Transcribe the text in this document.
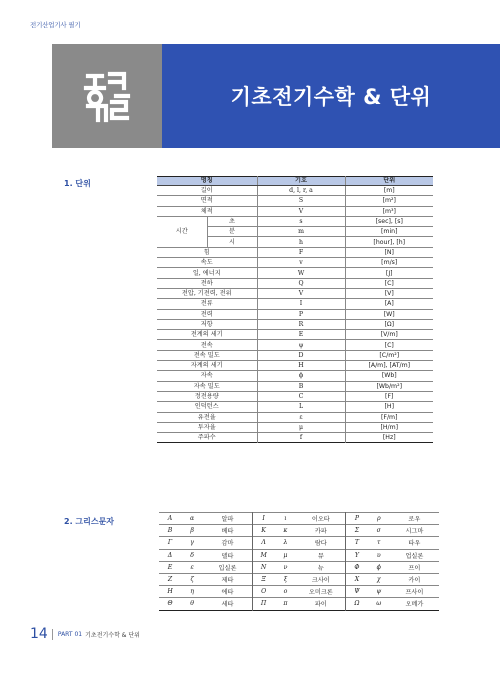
전기산업기사 필기
기초전기수학 & 단위
1. 단위	명칭		기호	단위
길이		d, l, r, a	[m]
면적		S	[m²]
체적		V	[m³]
시간	초	s	[sec], [s]
	분	m	[min]
	시	h	[hour], [h]
힘		F	[N]
속도		v	[m/s]
일, 에너지		W	[J]
전하		Q	[C]
전압, 기전력, 전위		V	[V]
전류		I	[A]
전력		P	[W]
저항		R	[Ω]
전계의 세기		E	[V/m]
전속		ψ	[C]
전속 밀도		D	[C/m²]
자계의 세기		H	[A/m], [AT/m]
자속		ϕ	[Wb]
자속 밀도		B	[Wb/m²]
정전용량		C	[F]
인덕턴스		L	[H]
유전율		ε	[F/m]
투자율		μ	[H/m]
주파수		f	[Hz]
2. 그리스문자	A	α	알파	I	ι	이오타	P	ρ	로우
B	β	베타	K	κ	카파	Σ	σ	시그마
Γ	γ	감마	Λ	λ	람다	T	τ	타우
Δ	δ	델타	M	μ	뮤	Υ	υ	업실론
E	ε	입실론	N	ν	뉴	Φ	ϕ	프이
Z	ζ	제타	Ξ	ξ	크사이	X	χ	카이
H	η	에타	O	ο	오미크론	Ψ	ψ	프사이
Θ	θ	세타	Π	π	파이	Ω	ω	오메가
14 PART 01 기초전기수학 & 단위
